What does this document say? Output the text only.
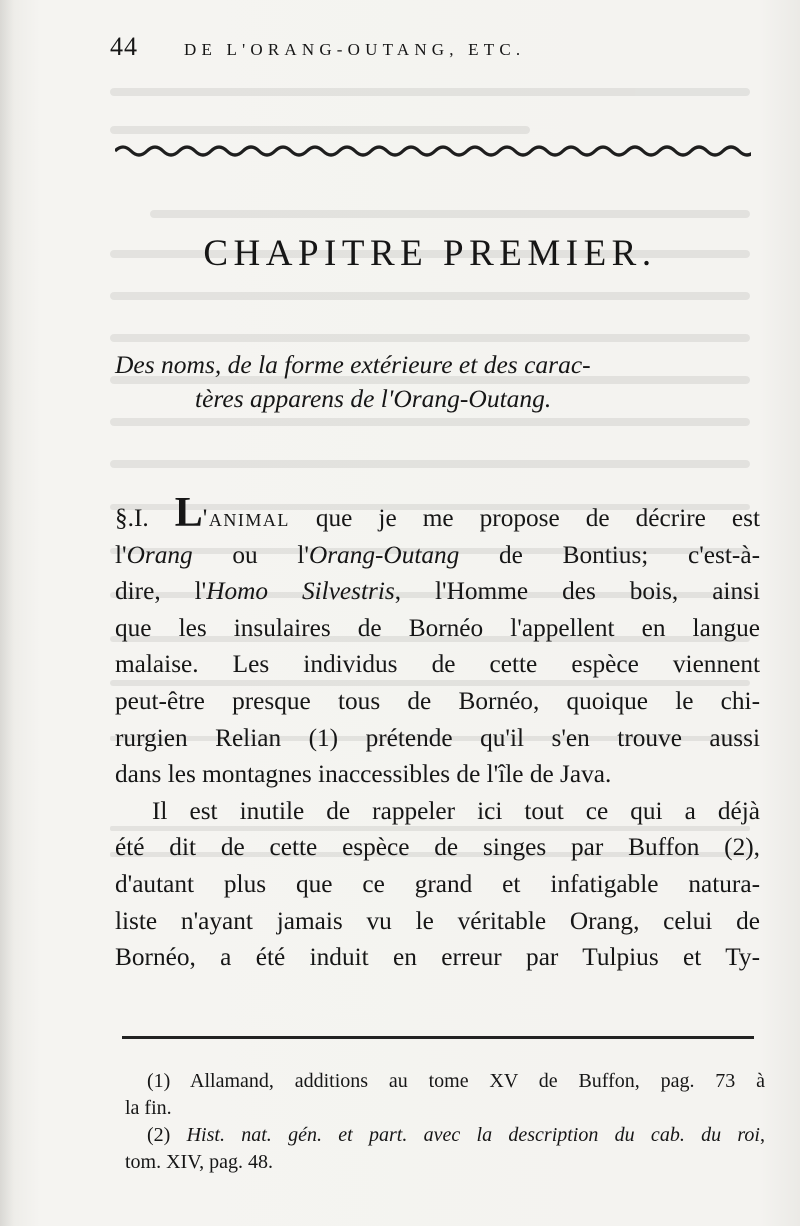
44	DE L'ORANG-OUTANG, ETC.
CHAPITRE PREMIER.
Des noms, de la forme extérieure et des carac-
tères apparens de l'Orang-Outang.
§.I. L'animal que je me propose de décrire est
l'Orang ou l'Orang-Outang de Bontius; c'est-à-
dire, l'Homo Silvestris, l'Homme des bois, ainsi
que les insulaires de Bornéo l'appellent en langue
malaise. Les individus de cette espèce viennent
peut-être presque tous de Bornéo, quoique le chi-
rurgien Relian (1) prétende qu'il s'en trouve aussi
dans les montagnes inaccessibles de l'île de Java.
Il est inutile de rappeler ici tout ce qui a déjà
été dit de cette espèce de singes par Buffon (2),
d'autant plus que ce grand et infatigable natura-
liste n'ayant jamais vu le véritable Orang, celui de
Bornéo, a été induit en erreur par Tulpius et Ty-
(1) Allamand, additions au tome XV de Buffon, pag. 73 à
la fin.
(2) Hist. nat. gén. et part. avec la description du cab. du roi,
tom. XIV, pag. 48.
